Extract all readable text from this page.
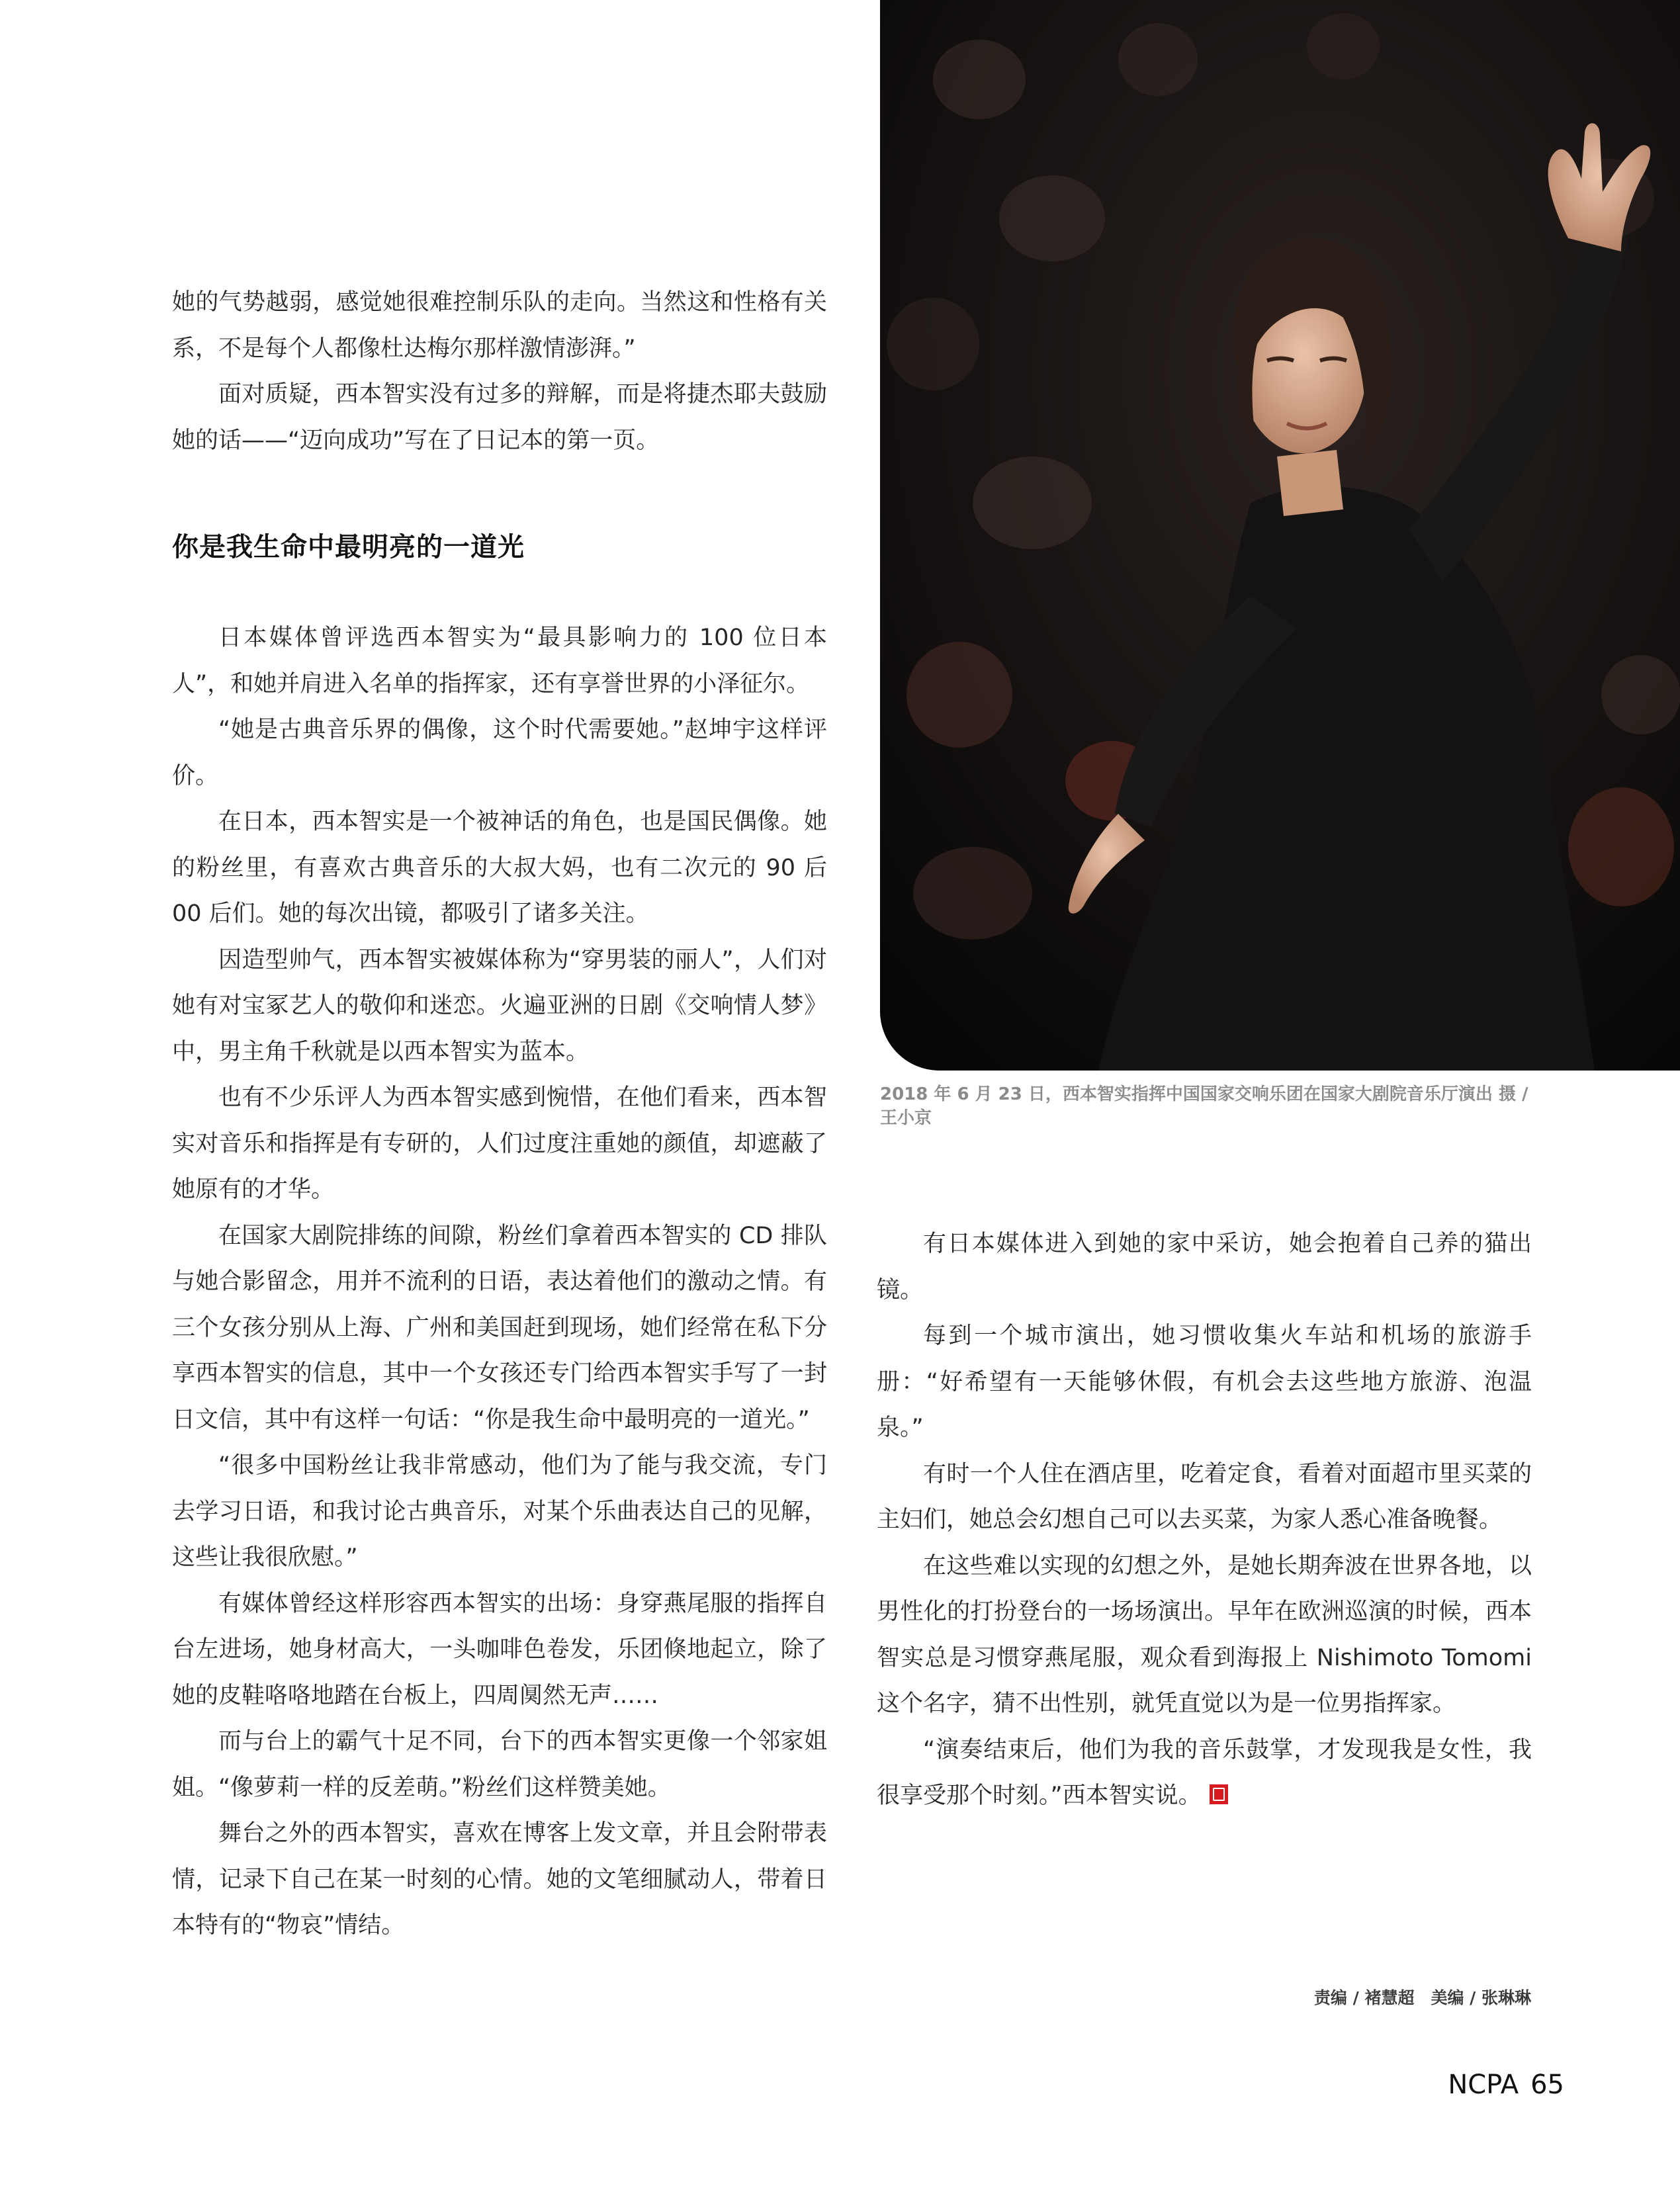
2018 年 6 月 23 日，西本智实指挥中国国家交响乐团在国家大剧院音乐厅演出 摄 / 王小京

她的气势越弱，感觉她很难控制乐队的走向。当然这和性格有关系，不是每个人都像杜达梅尔那样激情澎湃。”

面对质疑，西本智实没有过多的辩解，而是将捷杰耶夫鼓励她的话——“迈向成功”写在了日记本的第一页。

你是我生命中最明亮的一道光

日本媒体曾评选西本智实为“最具影响力的 100 位日本人”，和她并肩进入名单的指挥家，还有享誉世界的小泽征尔。

“她是古典音乐界的偶像，这个时代需要她。”赵坤宇这样评价。

在日本，西本智实是一个被神话的角色，也是国民偶像。她的粉丝里，有喜欢古典音乐的大叔大妈，也有二次元的 90 后 00 后们。她的每次出镜，都吸引了诸多关注。

因造型帅气，西本智实被媒体称为“穿男装的丽人”，人们对她有对宝冢艺人的敬仰和迷恋。火遍亚洲的日剧《交响情人梦》中，男主角千秋就是以西本智实为蓝本。

也有不少乐评人为西本智实感到惋惜，在他们看来，西本智实对音乐和指挥是有专研的，人们过度注重她的颜值，却遮蔽了她原有的才华。

在国家大剧院排练的间隙，粉丝们拿着西本智实的 CD 排队与她合影留念，用并不流利的日语，表达着他们的激动之情。有三个女孩分别从上海、广州和美国赶到现场，她们经常在私下分享西本智实的信息，其中一个女孩还专门给西本智实手写了一封日文信，其中有这样一句话：“你是我生命中最明亮的一道光。”

“很多中国粉丝让我非常感动，他们为了能与我交流，专门去学习日语，和我讨论古典音乐，对某个乐曲表达自己的见解，这些让我很欣慰。”

有媒体曾经这样形容西本智实的出场：身穿燕尾服的指挥自台左进场，她身材高大，一头咖啡色卷发，乐团倏地起立，除了她的皮鞋咯咯地踏在台板上，四周阒然无声……

而与台上的霸气十足不同，台下的西本智实更像一个邻家姐姐。“像萝莉一样的反差萌。”粉丝们这样赞美她。

舞台之外的西本智实，喜欢在博客上发文章，并且会附带表情，记录下自己在某一时刻的心情。她的文笔细腻动人，带着日本特有的“物哀”情结。

有日本媒体进入到她的家中采访，她会抱着自己养的猫出镜。

每到一个城市演出，她习惯收集火车站和机场的旅游手册：“好希望有一天能够休假，有机会去这些地方旅游、泡温泉。”

有时一个人住在酒店里，吃着定食，看着对面超市里买菜的主妇们，她总会幻想自己可以去买菜，为家人悉心准备晚餐。

在这些难以实现的幻想之外，是她长期奔波在世界各地，以男性化的打扮登台的一场场演出。早年在欧洲巡演的时候，西本智实总是习惯穿燕尾服，观众看到海报上 Nishimoto Tomomi 这个名字，猜不出性别，就凭直觉以为是一位男指挥家。

“演奏结束后，他们为我的音乐鼓掌，才发现我是女性，我很享受那个时刻。”西本智实说。

责编 / 褚慧超　美编 / 张琳琳
NCPA 65
